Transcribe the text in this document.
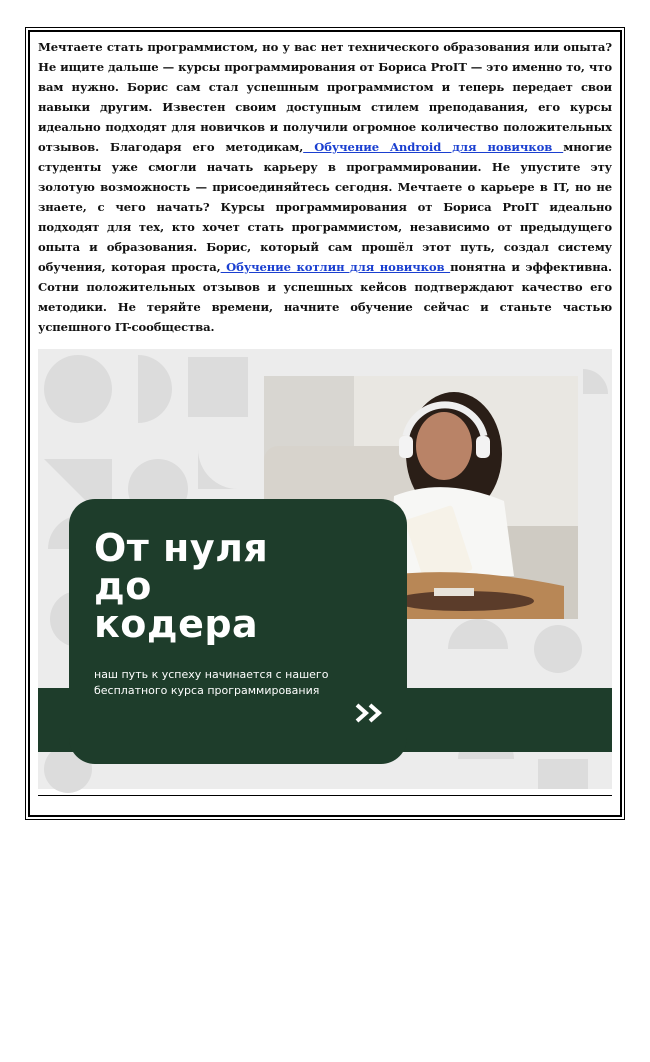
Мечтаете стать программистом, но у вас нет технического образования или опыта? Не ищите дальше — курсы программирования от Бориса ProIT — это именно то, что вам нужно. Борис сам стал успешным программистом и теперь передает свои навыки другим. Известен своим доступным стилем преподавания, его курсы идеально подходят для новичков и получили огромное количество положительных отзывов. Благодаря его методикам, Обучение Android для новичков многие студенты уже смогли начать карьеру в программировании. Не упустите эту золотую возможность — присоединяйтесь сегодня. Мечтаете о карьере в IT, но не знаете, с чего начать? Курсы программирования от Бориса ProIT идеально подходят для тех, кто хочет стать программистом, независимо от предыдущего опыта и образования. Борис, который сам прошёл этот путь, создал систему обучения, которая проста, Обучение котлин для новичков понятна и эффективна. Сотни положительных отзывов и успешных кейсов подтверждают качество его методики. Не теряйте времени, начните обучение сейчас и станьте частью успешного IT-сообщества.

www.borisproit.expert
От нуля
до
кодера

наш путь к успеху начинается с нашего бесплатного курса программирования
